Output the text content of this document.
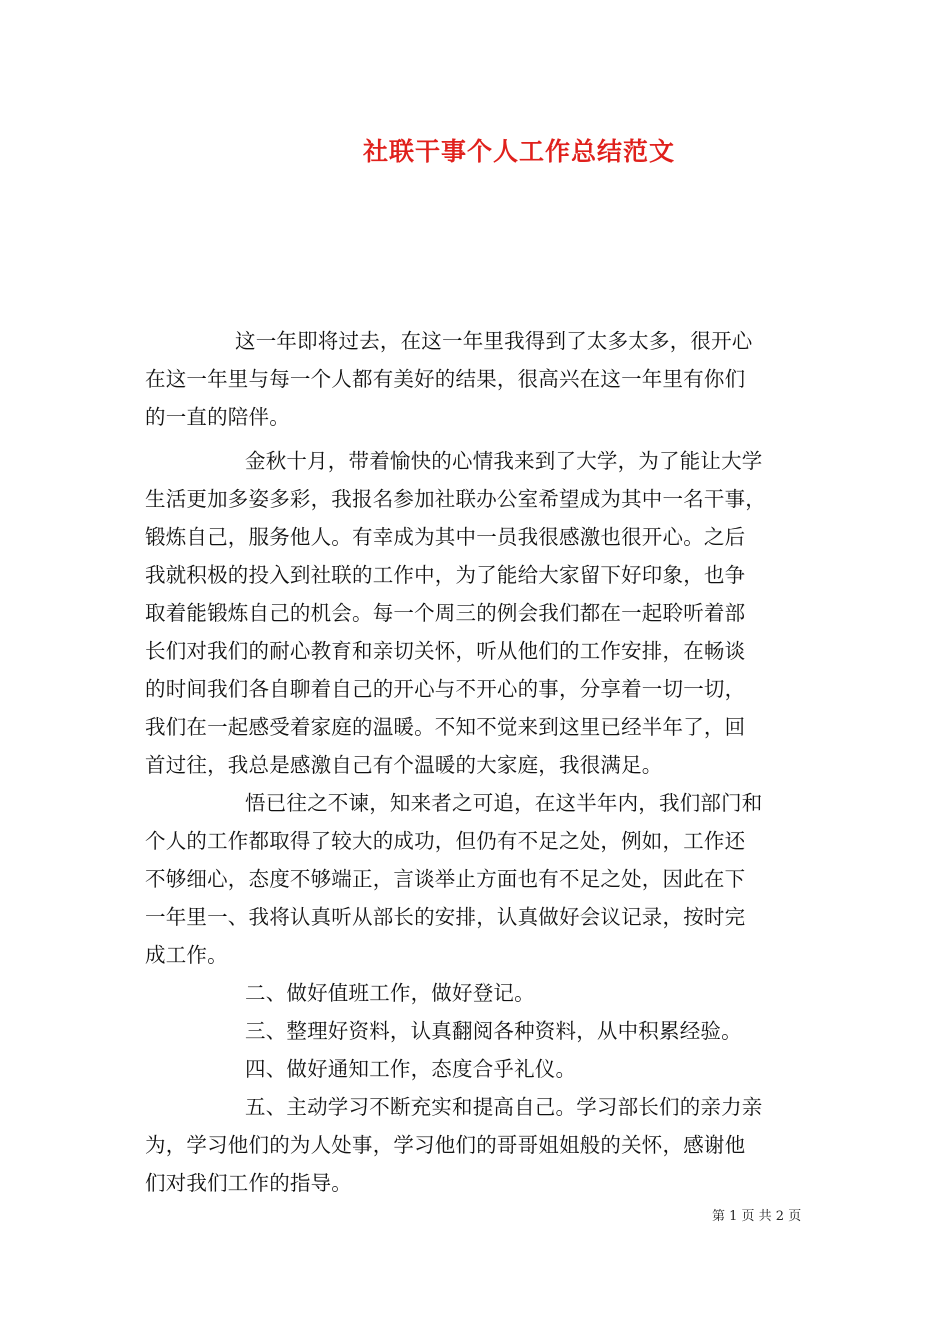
社联干事个人工作总结范文
这一年即将过去，在这一年里我得到了太多太多，很开心
在这一年里与每一个人都有美好的结果，很高兴在这一年里有你们
的一直的陪伴。
金秋十月，带着愉快的心情我来到了大学，为了能让大学
生活更加多姿多彩，我报名参加社联办公室希望成为其中一名干事，
锻炼自己，服务他人。有幸成为其中一员我很感激也很开心。之后
我就积极的投入到社联的工作中，为了能给大家留下好印象，也争
取着能锻炼自己的机会。每一个周三的例会我们都在一起聆听着部
长们对我们的耐心教育和亲切关怀，听从他们的工作安排，在畅谈
的时间我们各自聊着自己的开心与不开心的事，分享着一切一切，
我们在一起感受着家庭的温暖。不知不觉来到这里已经半年了，回
首过往，我总是感激自己有个温暖的大家庭，我很满足。
悟已往之不谏，知来者之可追，在这半年内，我们部门和
个人的工作都取得了较大的成功，但仍有不足之处，例如，工作还
不够细心，态度不够端正，言谈举止方面也有不足之处，因此在下
一年里一、我将认真听从部长的安排，认真做好会议记录，按时完
成工作。
二、做好值班工作，做好登记。
三、整理好资料，认真翻阅各种资料，从中积累经验。
四、做好通知工作，态度合乎礼仪。
五、主动学习不断充实和提高自己。学习部长们的亲力亲
为，学习他们的为人处事，学习他们的哥哥姐姐般的关怀，感谢他
们对我们工作的指导。
第 1 页 共 2 页
